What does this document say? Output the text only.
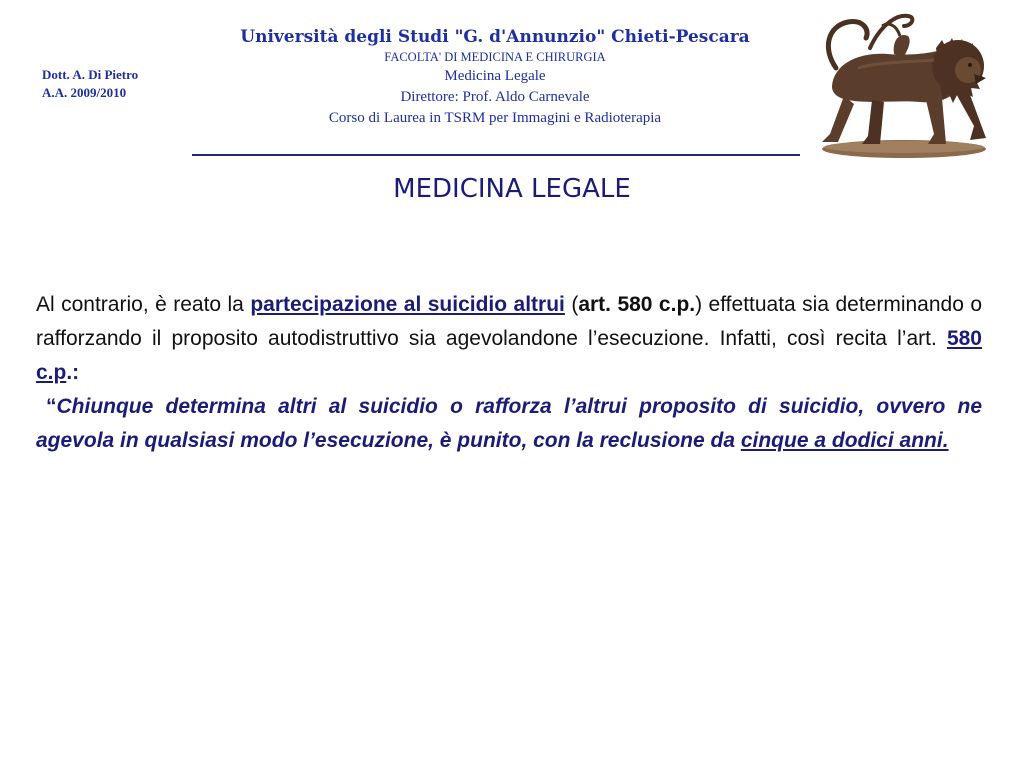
Dott. A. Di Pietro
A.A. 2009/2010
Università degli Studi "G. d'Annunzio" Chieti-Pescara
FACOLTA' DI MEDICINA E CHIRURGIA
Medicina Legale
Direttore: Prof. Aldo Carnevale
Corso di Laurea in TSRM per Immagini e Radioterapia
MEDICINA LEGALE
Al contrario, è reato la partecipazione al suicidio altrui (art. 580 c.p.) effettuata sia determinando o rafforzando il proposito autodistruttivo sia agevolandone l’esecuzione. Infatti, così recita l’art. 580 c.p.:
“Chiunque determina altri al suicidio o rafforza l’altrui proposito di suicidio, ovvero ne agevola in qualsiasi modo l’esecuzione, è punito, con la reclusione da cinque a dodici anni.
